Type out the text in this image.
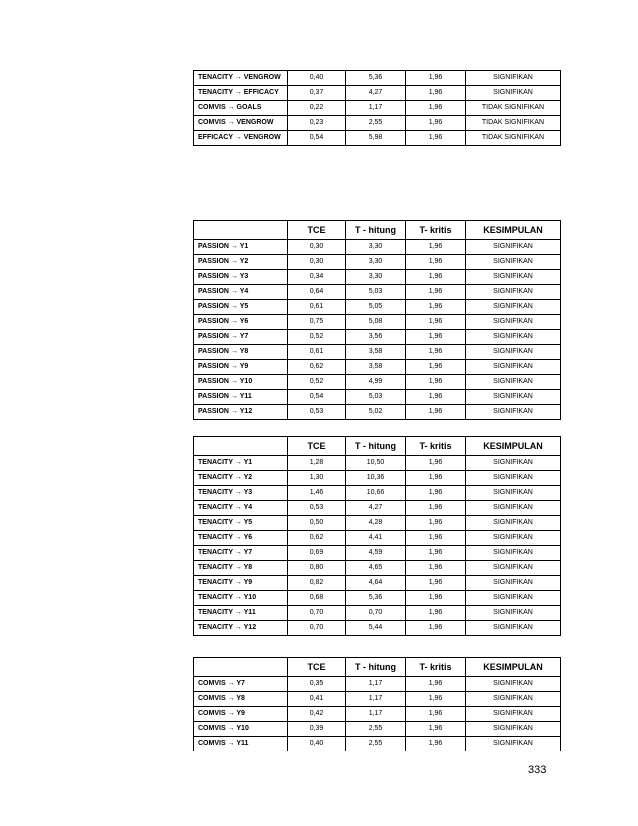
TENACITY → VENGROW	0,40	5,36	1,96	SIGNIFIKAN
TENACITY → EFFICACY	0,37	4,27	1,96	SIGNIFIKAN
COMVIS → GOALS	0,22	1,17	1,96	TIDAK SIGNIFIKAN
COMVIS → VENGROW	0,23	2,55	1,96	TIDAK SIGNIFIKAN
EFFICACY → VENGROW	0,54	5,98	1,96	TIDAK SIGNIFIKAN
	TCE	T - hitung	T- kritis	KESIMPULAN
PASSION → Y1	0,30	3,30	1,96	SIGNIFIKAN
PASSION → Y2	0,30	3,30	1,96	SIGNIFIKAN
PASSION → Y3	0,34	3,30	1,96	SIGNIFIKAN
PASSION → Y4	0,64	5,03	1,96	SIGNIFIKAN
PASSION → Y5	0,61	5,05	1,96	SIGNIFIKAN
PASSION → Y6	0,75	5,08	1,96	SIGNIFIKAN
PASSION → Y7	0,52	3,56	1,96	SIGNIFIKAN
PASSION → Y8	0,61	3,58	1,96	SIGNIFIKAN
PASSION → Y9	0,62	3,58	1,96	SIGNIFIKAN
PASSION → Y10	0,52	4,99	1,96	SIGNIFIKAN
PASSION → Y11	0,54	5,03	1,96	SIGNIFIKAN
PASSION → Y12	0,53	5,02	1,96	SIGNIFIKAN
	TCE	T - hitung	T- kritis	KESIMPULAN
TENACITY → Y1	1,28	10,50	1,96	SIGNIFIKAN
TENACITY → Y2	1,30	10,36	1,96	SIGNIFIKAN
TENACITY → Y3	1,46	10,66	1,96	SIGNIFIKAN
TENACITY → Y4	0,53	4,27	1,96	SIGNIFIKAN
TENACITY → Y5	0,50	4,28	1,96	SIGNIFIKAN
TENACITY → Y6	0,62	4,41	1,96	SIGNIFIKAN
TENACITY → Y7	0,69	4,59	1,96	SIGNIFIKAN
TENACITY → Y8	0,80	4,65	1,96	SIGNIFIKAN
TENACITY → Y9	0,82	4,64	1,96	SIGNIFIKAN
TENACITY → Y10	0,68	5,36	1,96	SIGNIFIKAN
TENACITY → Y11	0,70	0,70	1,96	SIGNIFIKAN
TENACITY → Y12	0,70	5,44	1,96	SIGNIFIKAN
	TCE	T - hitung	T- kritis	KESIMPULAN
COMVIS → Y7	0,35	1,17	1,96	SIGNIFIKAN
COMVIS → Y8	0,41	1,17	1,96	SIGNIFIKAN
COMVIS → Y9	0,42	1,17	1,96	SIGNIFIKAN
COMVIS → Y10	0,39	2,55	1,96	SIGNIFIKAN
COMVIS → Y11	0,40	2,55	1,96	SIGNIFIKAN
333
